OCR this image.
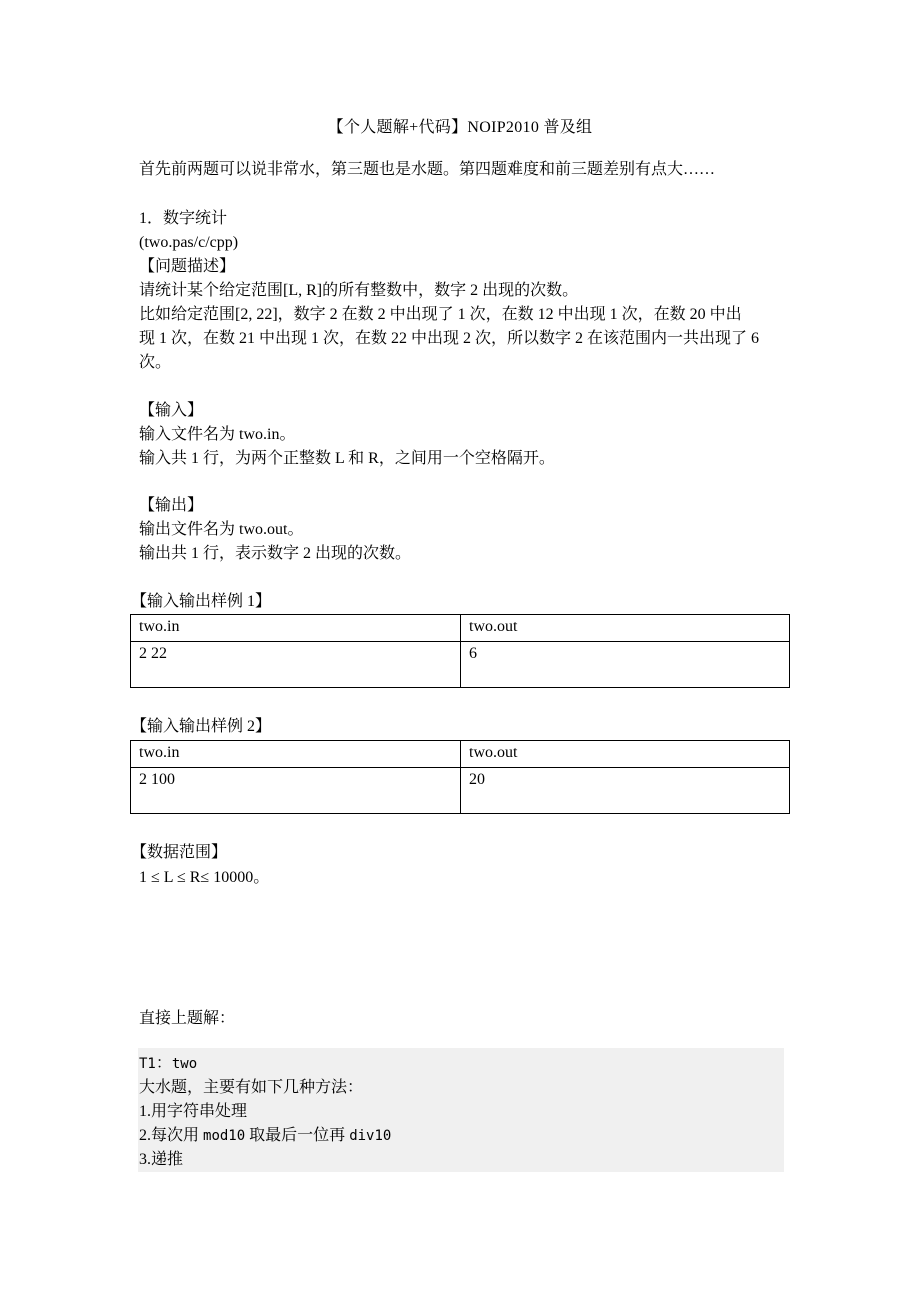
【个人题解+代码】NOIP2010 普及组
首先前两题可以说非常水，第三题也是水题。第四题难度和前三题差别有点大……
1．数字统计
(two.pas/c/cpp)
【问题描述】
请统计某个给定范围[L, R]的所有整数中，数字 2 出现的次数。
比如给定范围[2, 22]，数字 2 在数 2 中出现了 1 次，在数 12 中出现 1 次，在数 20 中出
现 1 次，在数 21 中出现 1 次，在数 22 中出现 2 次，所以数字 2 在该范围内一共出现了 6
次。
【输入】
输入文件名为 two.in。
输入共 1 行，为两个正整数 L 和 R，之间用一个空格隔开。
【输出】
输出文件名为 two.out。
输出共 1 行，表示数字 2 出现的次数。
【输入输出样例 1】
two.in	two.out
2 22	6
【输入输出样例 2】
two.in	two.out
2 100	20
【数据范围】
1 ≤ L ≤ R≤ 10000。
直接上题解：
T1：two
大水题，主要有如下几种方法：
1.用字符串处理
2.每次用 mod10 取最后一位再 div10
3.递推
